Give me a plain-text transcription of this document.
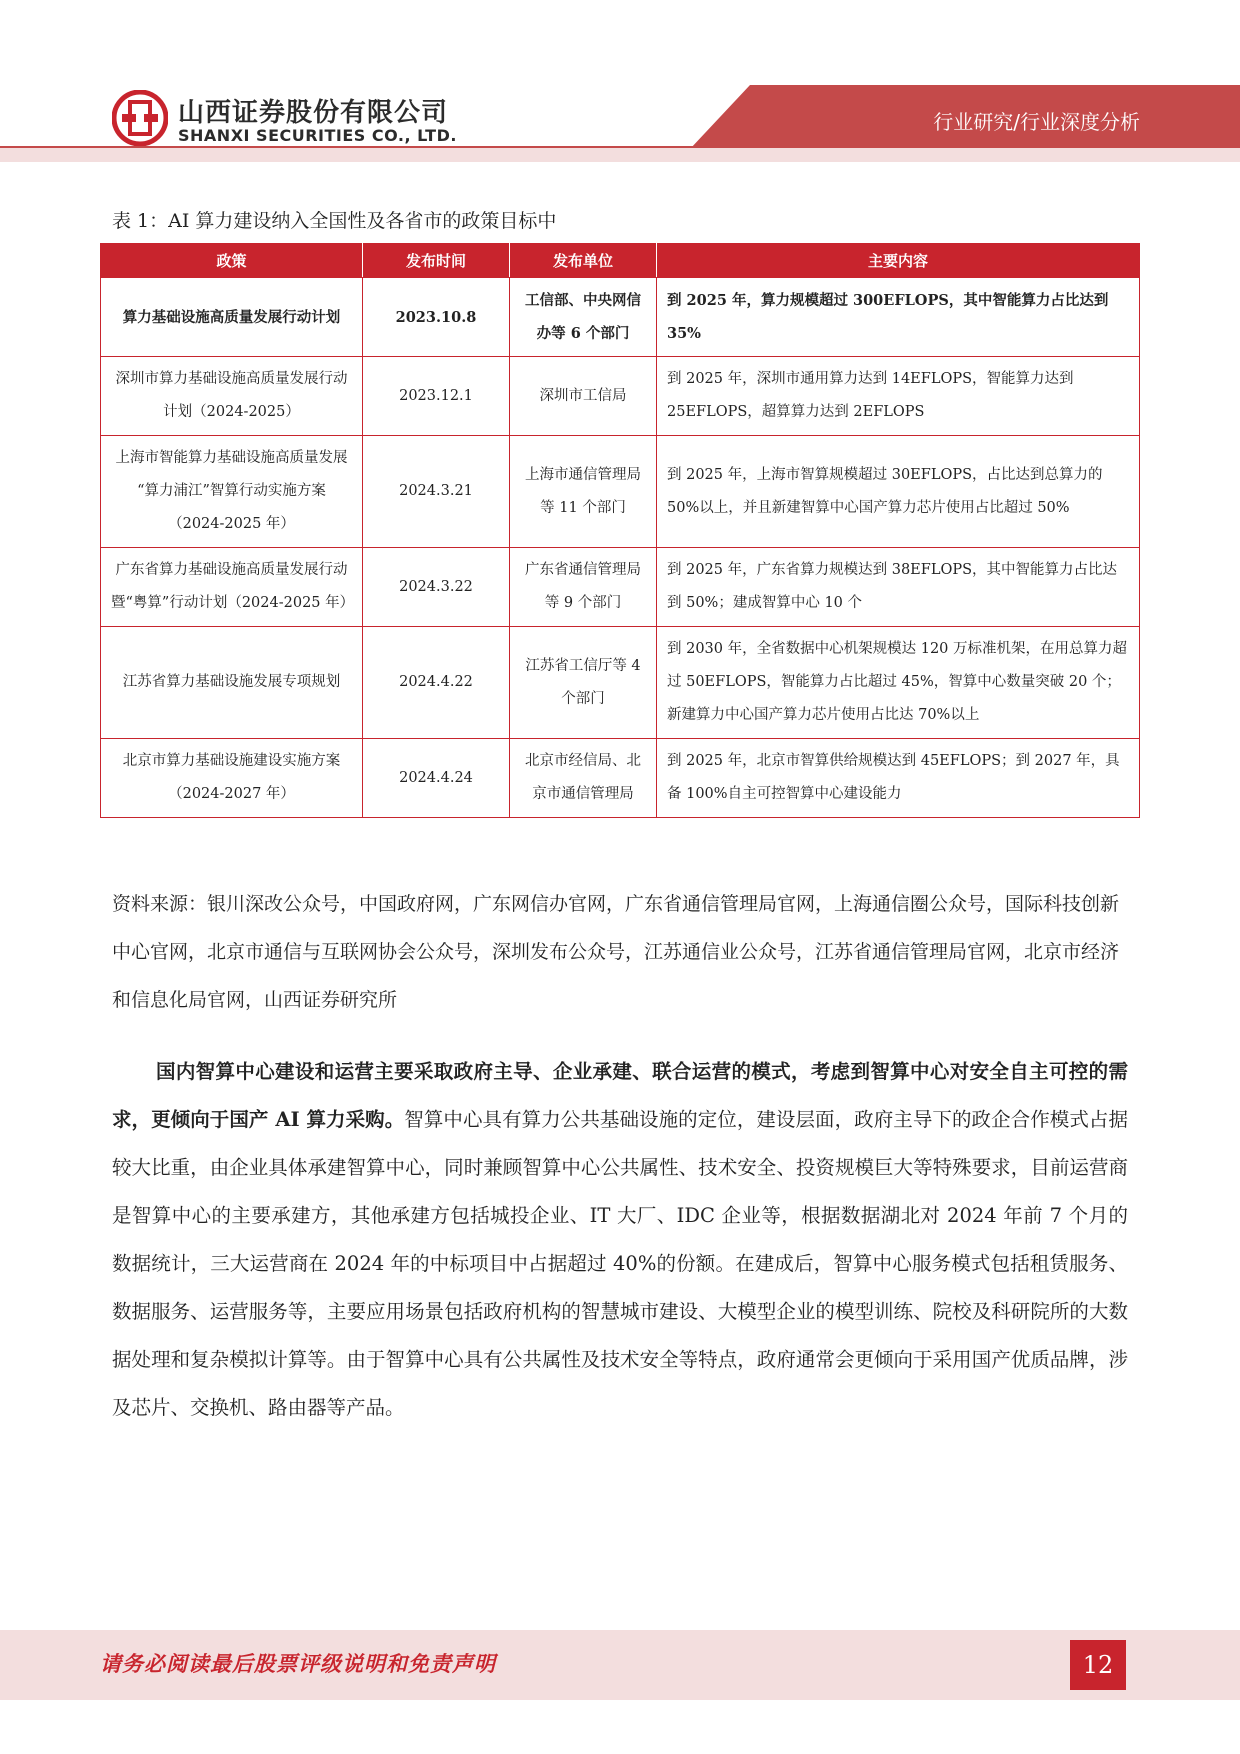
山西证券股份有限公司
SHANXI SECURITIES CO., LTD.
行业研究/行业深度分析
表 1：AI 算力建设纳入全国性及各省市的政策目标中
政策	发布时间	发布单位	主要内容
算力基础设施高质量发展行动计划	2023.10.8	工信部、中央网信办等 6 个部门	到 2025 年，算力规模超过 300EFLOPS，其中智能算力占比达到 35%
深圳市算力基础设施高质量发展行动计划（2024-2025）	2023.12.1	深圳市工信局	到 2025 年，深圳市通用算力达到 14EFLOPS，智能算力达到 25EFLOPS，超算算力达到 2EFLOPS
上海市智能算力基础设施高质量发展 “算力浦江”智算行动实施方案（2024-2025 年）	2024.3.21	上海市通信管理局等 11 个部门	到 2025 年，上海市智算规模超过 30EFLOPS，占比达到总算力的 50%以上，并且新建智算中心国产算力芯片使用占比超过 50%
广东省算力基础设施高质量发展行动暨“粤算”行动计划（2024-2025 年）	2024.3.22	广东省通信管理局等 9 个部门	到 2025 年，广东省算力规模达到 38EFLOPS，其中智能算力占比达到 50%；建成智算中心 10 个
江苏省算力基础设施发展专项规划	2024.4.22	江苏省工信厅等 4 个部门	到 2030 年，全省数据中心机架规模达 120 万标准机架，在用总算力超过 50EFLOPS，智能算力占比超过 45%，智算中心数量突破 20 个；新建算力中心国产算力芯片使用占比达 70%以上
北京市算力基础设施建设实施方案（2024-2027 年）	2024.4.24	北京市经信局、北京市通信管理局	到 2025 年，北京市智算供给规模达到 45EFLOPS；到 2027 年，具备 100%自主可控智算中心建设能力
资料来源：银川深改公众号，中国政府网，广东网信办官网，广东省通信管理局官网，上海通信圈公众号，国际科技创新中心官网，北京市通信与互联网协会公众号，深圳发布公众号，江苏通信业公众号，江苏省通信管理局官网，北京市经济和信息化局官网，山西证券研究所
国内智算中心建设和运营主要采取政府主导、企业承建、联合运营的模式，考虑到智算中心对安全自主可控的需求，更倾向于国产 AI 算力采购。智算中心具有算力公共基础设施的定位，建设层面，政府主导下的政企合作模式占据较大比重，由企业具体承建智算中心，同时兼顾智算中心公共属性、技术安全、投资规模巨大等特殊要求，目前运营商是智算中心的主要承建方，其他承建方包括城投企业、IT 大厂、IDC 企业等，根据数据湖北对 2024 年前 7 个月的数据统计，三大运营商在 2024 年的中标项目中占据超过 40%的份额。在建成后，智算中心服务模式包括租赁服务、数据服务、运营服务等，主要应用场景包括政府机构的智慧城市建设、大模型企业的模型训练、院校及科研院所的大数据处理和复杂模拟计算等。由于智算中心具有公共属性及技术安全等特点，政府通常会更倾向于采用国产优质品牌，涉及芯片、交换机、路由器等产品。
请务必阅读最后股票评级说明和免责声明	12
